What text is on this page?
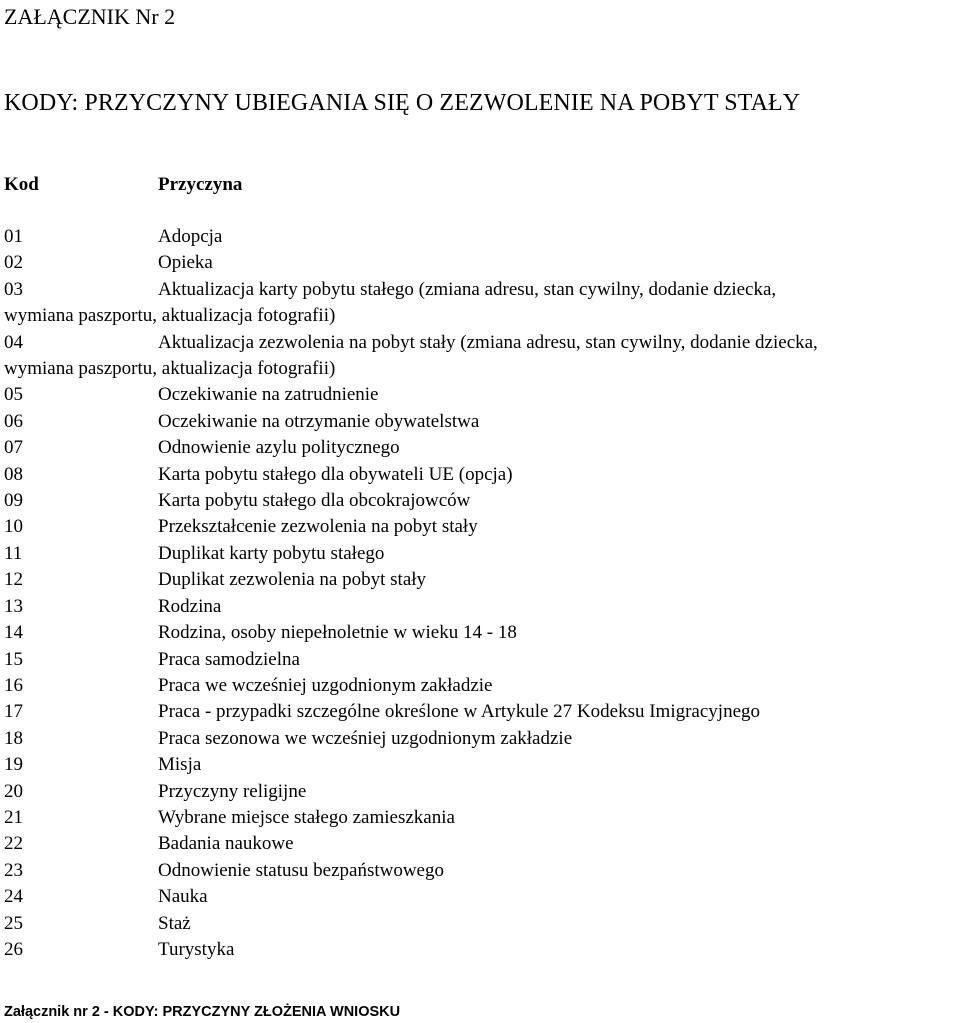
ZAŁĄCZNIK Nr 2
KODY: PRZYCZYNY UBIEGANIA SIĘ O ZEZWOLENIE NA POBYT STAŁY
Kod	Przyczyna
01	Adopcja
02	Opieka
03	Aktualizacja karty pobytu stałego (zmiana adresu, stan cywilny, dodanie dziecka,
wymiana paszportu, aktualizacja fotografii)
04	Aktualizacja zezwolenia na pobyt stały (zmiana adresu, stan cywilny, dodanie dziecka,
wymiana paszportu, aktualizacja fotografii)
05	Oczekiwanie na zatrudnienie
06	Oczekiwanie na otrzymanie obywatelstwa
07	Odnowienie azylu politycznego
08	Karta pobytu stałego dla obywateli UE (opcja)
09	Karta pobytu stałego dla obcokrajowców
10	Przekształcenie zezwolenia na pobyt stały
11	Duplikat karty pobytu stałego
12	Duplikat zezwolenia na pobyt stały
13	Rodzina
14	Rodzina, osoby niepełnoletnie w wieku 14 - 18
15	Praca samodzielna
16	Praca we wcześniej uzgodnionym zakładzie
17	Praca - przypadki szczególne określone w Artykule 27 Kodeksu Imigracyjnego
18	Praca sezonowa we wcześniej uzgodnionym zakładzie
19	Misja
20	Przyczyny religijne
21	Wybrane miejsce stałego zamieszkania
22	Badania naukowe
23	Odnowienie statusu bezpaństwowego
24	Nauka
25	Staż
26	Turystyka
Załącznik nr 2 - KODY: PRZYCZYNY ZŁOŻENIA WNIOSKU
